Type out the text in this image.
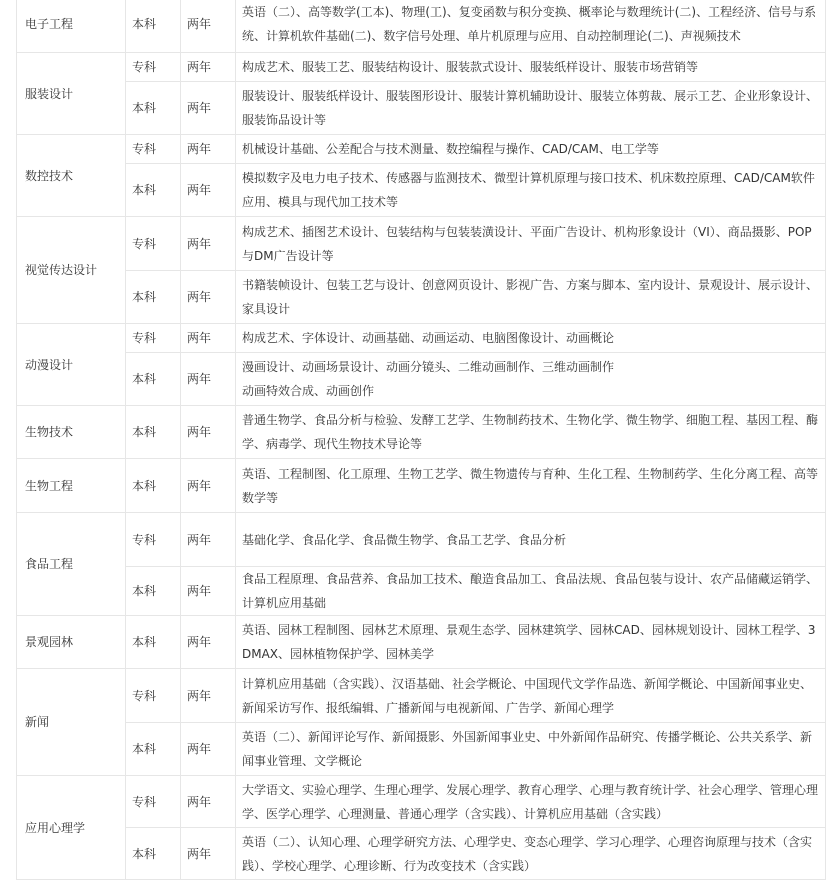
电子工程	本科	两年	英语（二）、高等数学(工本)、物理(工)、复变函数与积分变换、概率论与数理统计(二)、工程经济、信号与系统、计算机软件基础(二)、数字信号处理、单片机原理与应用、自动控制理论(二)、声视频技术
服装设计	专科	两年	构成艺术、服装工艺、服装结构设计、服装款式设计、服装纸样设计、服装市场营销等
	本科	两年	服装设计、服装纸样设计、服装图形设计、服装计算机辅助设计、服装立体剪裁、展示工艺、企业形象设计、服装饰品设计等
数控技术	专科	两年	机械设计基础、公差配合与技术测量、数控编程与操作、CAD/CAM、电工学等
	本科	两年	模拟数字及电力电子技术、传感器与监测技术、微型计算机原理与接口技术、机床数控原理、CAD/CAM软件应用、模具与现代加工技术等
视觉传达设计	专科	两年	构成艺术、插图艺术设计、包装结构与包装装潢设计、平面广告设计、机构形象设计（VI）、商品摄影、POP与DM广告设计等
	本科	两年	书籍装帧设计、包装工艺与设计、创意网页设计、影视广告、方案与脚本、室内设计、景观设计、展示设计、家具设计
动漫设计	专科	两年	构成艺术、字体设计、动画基础、动画运动、电脑图像设计、动画概论
	本科	两年	漫画设计、动画场景设计、动画分镜头、二维动画制作、三维动画制作
动画特效合成、动画创作
生物技术	本科	两年	普通生物学、食品分析与检验、发酵工艺学、生物制药技术、生物化学、微生物学、细胞工程、基因工程、酶学、病毒学、现代生物技术导论等
生物工程	本科	两年	英语、工程制图、化工原理、生物工艺学、微生物遗传与育种、生化工程、生物制药学、生化分离工程、高等数学等
食品工程	专科	两年	基础化学、食品化学、食品微生物学、食品工艺学、食品分析
	本科	两年	食品工程原理、食品营养、食品加工技术、酿造食品加工、食品法规、食品包装与设计、农产品储藏运销学、计算机应用基础
景观园林	本科	两年	英语、园林工程制图、园林艺术原理、景观生态学、园林建筑学、园林CAD、园林规划设计、园林工程学、3DMAX、园林植物保护学、园林美学
新闻	专科	两年	计算机应用基础（含实践）、汉语基础、社会学概论、中国现代文学作品选、新闻学概论、中国新闻事业史、新闻采访写作、报纸编辑、广播新闻与电视新闻、广告学、新闻心理学
	本科	两年	英语（二）、新闻评论写作、新闻摄影、外国新闻事业史、中外新闻作品研究、传播学概论、公共关系学、新闻事业管理、文学概论
应用心理学	专科	两年	大学语文、实验心理学、生理心理学、发展心理学、教育心理学、心理与教育统计学、社会心理学、管理心理学、医学心理学、心理测量、普通心理学（含实践）、计算机应用基础（含实践）
	本科	两年	英语（二）、认知心理、心理学研究方法、心理学史、变态心理学、学习心理学、心理咨询原理与技术（含实践）、学校心理学、心理诊断、行为改变技术（含实践）
